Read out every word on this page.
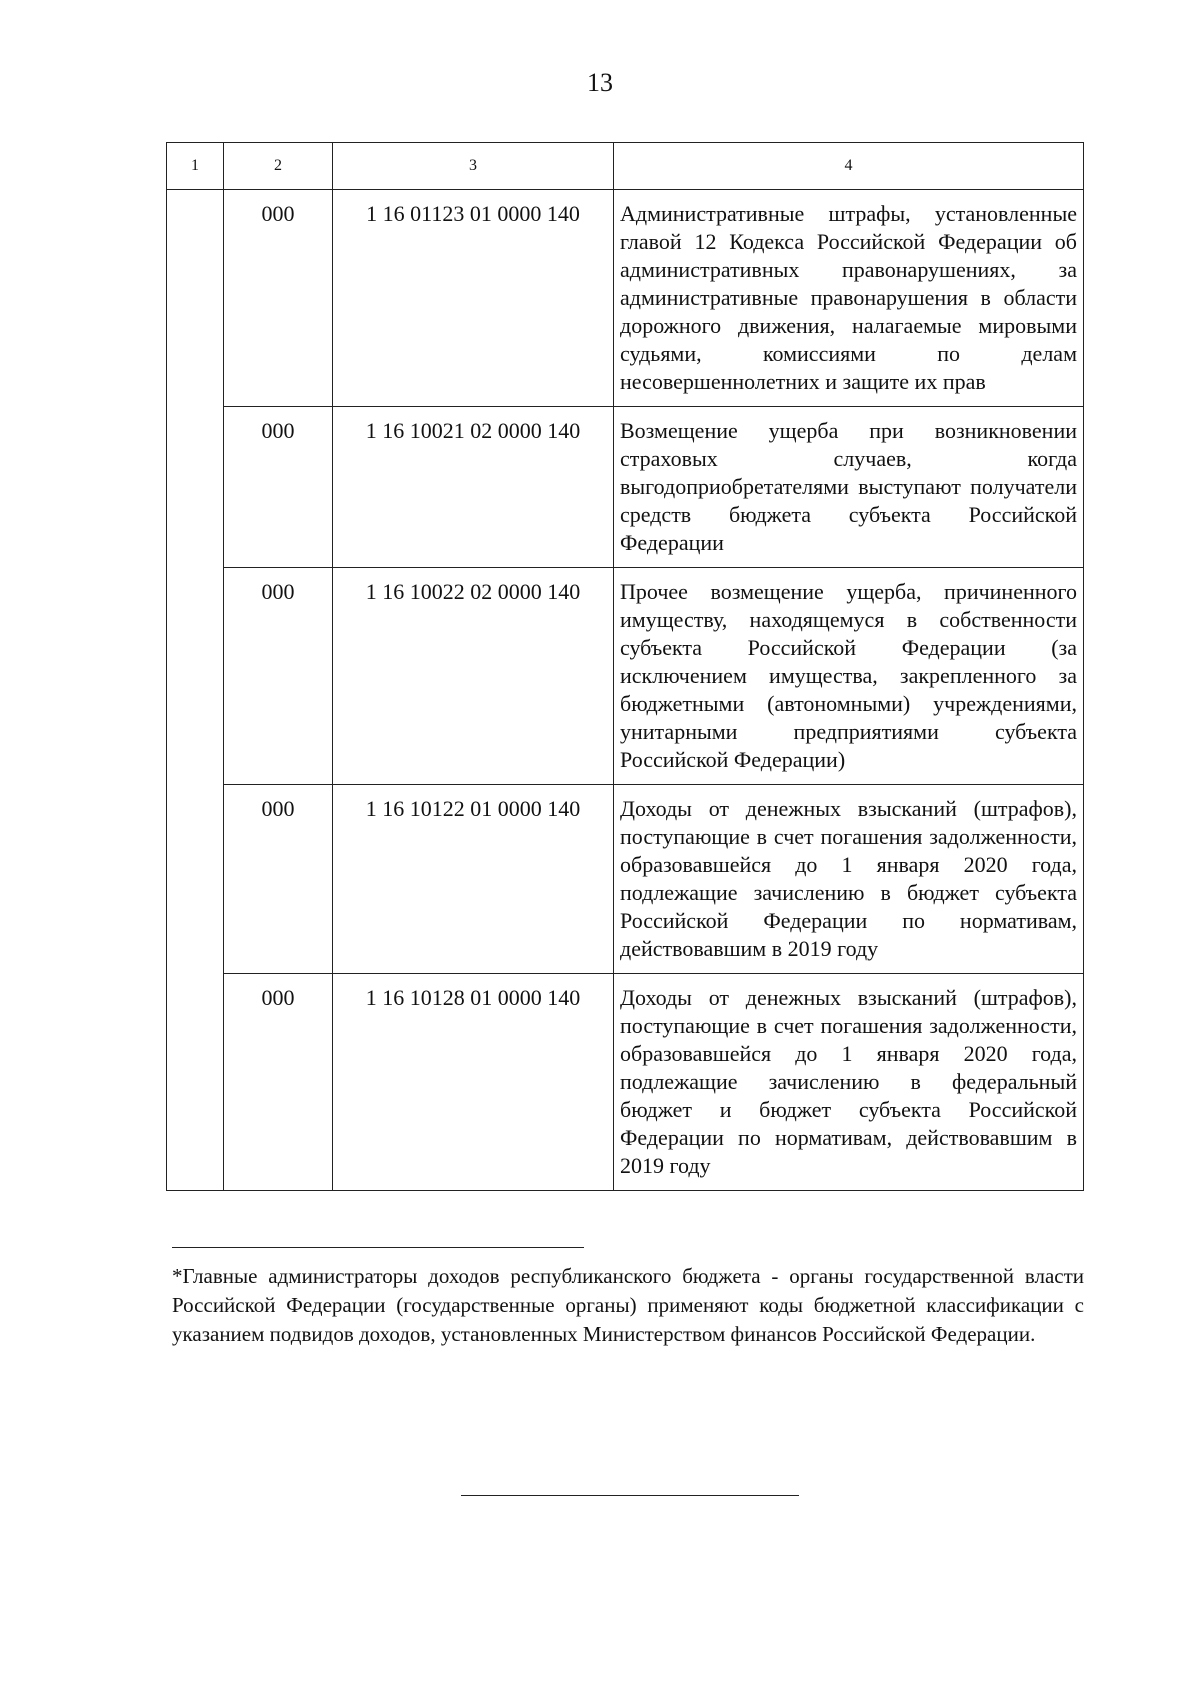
13
1	2	3	4
	000	1 16 01123 01 0000 140	Административные штрафы, установленные главой 12 Кодекса Российской Федерации об административных правонарушениях, за административные правонарушения в области дорожного движения, налагаемые мировыми судьями, комиссиями по делам несовершеннолетних и защите их прав
	000	1 16 10021 02 0000 140	Возмещение ущерба при возникновении страховых случаев, когда выгодоприобретателями выступают получатели средств бюджета субъекта Российской Федерации
	000	1 16 10022 02 0000 140	Прочее возмещение ущерба, причиненного имуществу, находящемуся в собственности субъекта Российской Федерации (за исключением имущества, закрепленного за бюджетными (автономными) учреждениями, унитарными предприятиями субъекта Российской Федерации)
	000	1 16 10122 01 0000 140	Доходы от денежных взысканий (штрафов), поступающие в счет погашения задолженности, образовавшейся до 1 января 2020 года, подлежащие зачислению в бюджет субъекта Российской Федерации по нормативам, действовавшим в 2019 году
	000	1 16 10128 01 0000 140	Доходы от денежных взысканий (штрафов), поступающие в счет погашения задолженности, образовавшейся до 1 января 2020 года, подлежащие зачислению в федеральный бюджет и бюджет субъекта Российской Федерации по нормативам, действовавшим в 2019 году
*Главные администраторы доходов республиканского бюджета - органы государственной власти Российской Федерации (государственные органы) применяют коды бюджетной классификации с указанием подвидов доходов, установленных Министерством финансов Российской Федерации.
